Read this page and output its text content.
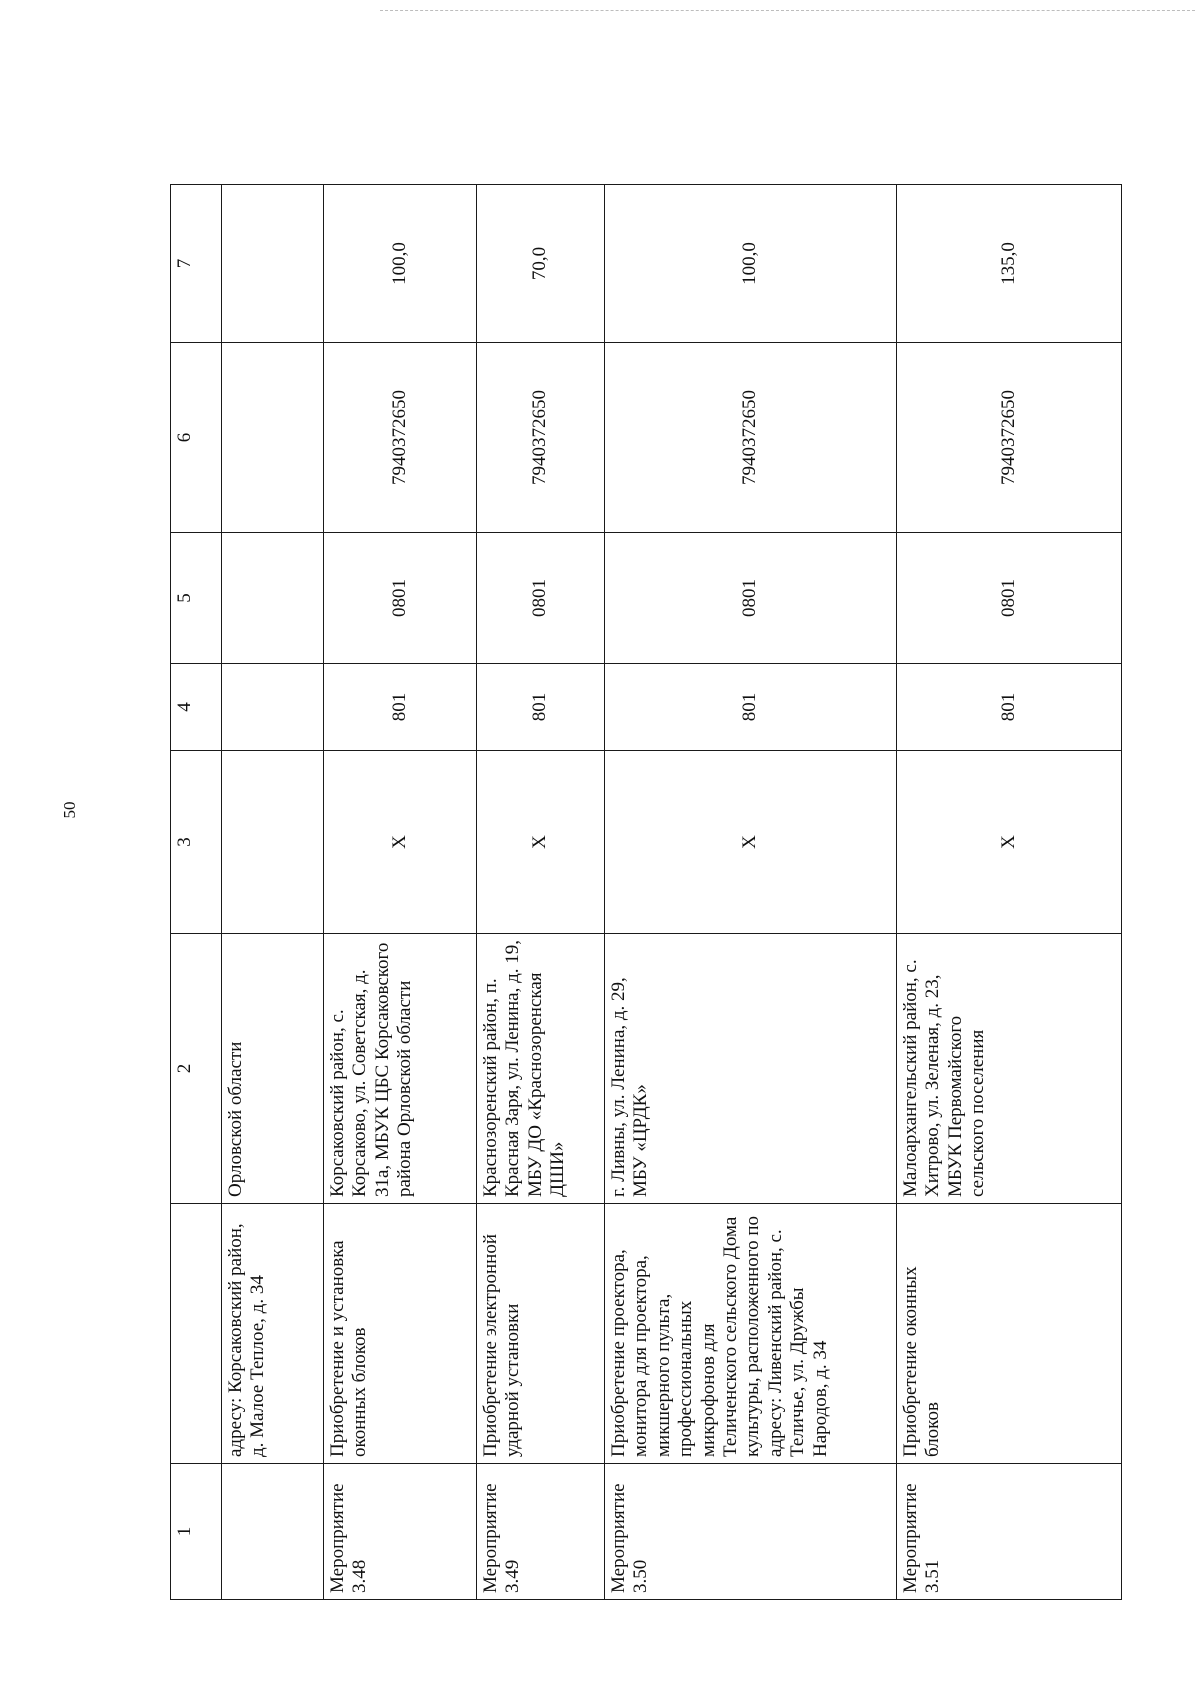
50
1		2	3	4	5	6	7
	адресу: Корсаковский район, д. Малое Теплое, д. 34	Орловской области					
Мероприятие 3.48	Приобретение и установка оконных блоков	Корсаковский район, с. Корсаково, ул. Советская, д. 31а, МБУК ЦБС Корсаковского района Орловской области	Х	801	0801	7940372650	100,0
Мероприятие 3.49	Приобретение электронной ударной установки	Краснозоренский район, п. Красная Заря, ул. Ленина, д. 19, МБУ ДО «Краснозоренская ДШИ»	Х	801	0801	7940372650	70,0
Мероприятие 3.50	Приобретение проектора, монитора для проектора, микшерного пульта, профессиональных микрофонов для Теличенского сельского Дома культуры, расположенного по адресу: Ливенский район, с. Теличье, ул. Дружбы Народов, д. 34	г. Ливны, ул. Ленина, д. 29, МБУ «ЦРДК»	Х	801	0801	7940372650	100,0
Мероприятие 3.51	Приобретение оконных блоков	Малоархангельский район, с. Хитрово, ул. Зеленая, д. 23, МБУК Первомайского сельского поселения	Х	801	0801	7940372650	135,0
